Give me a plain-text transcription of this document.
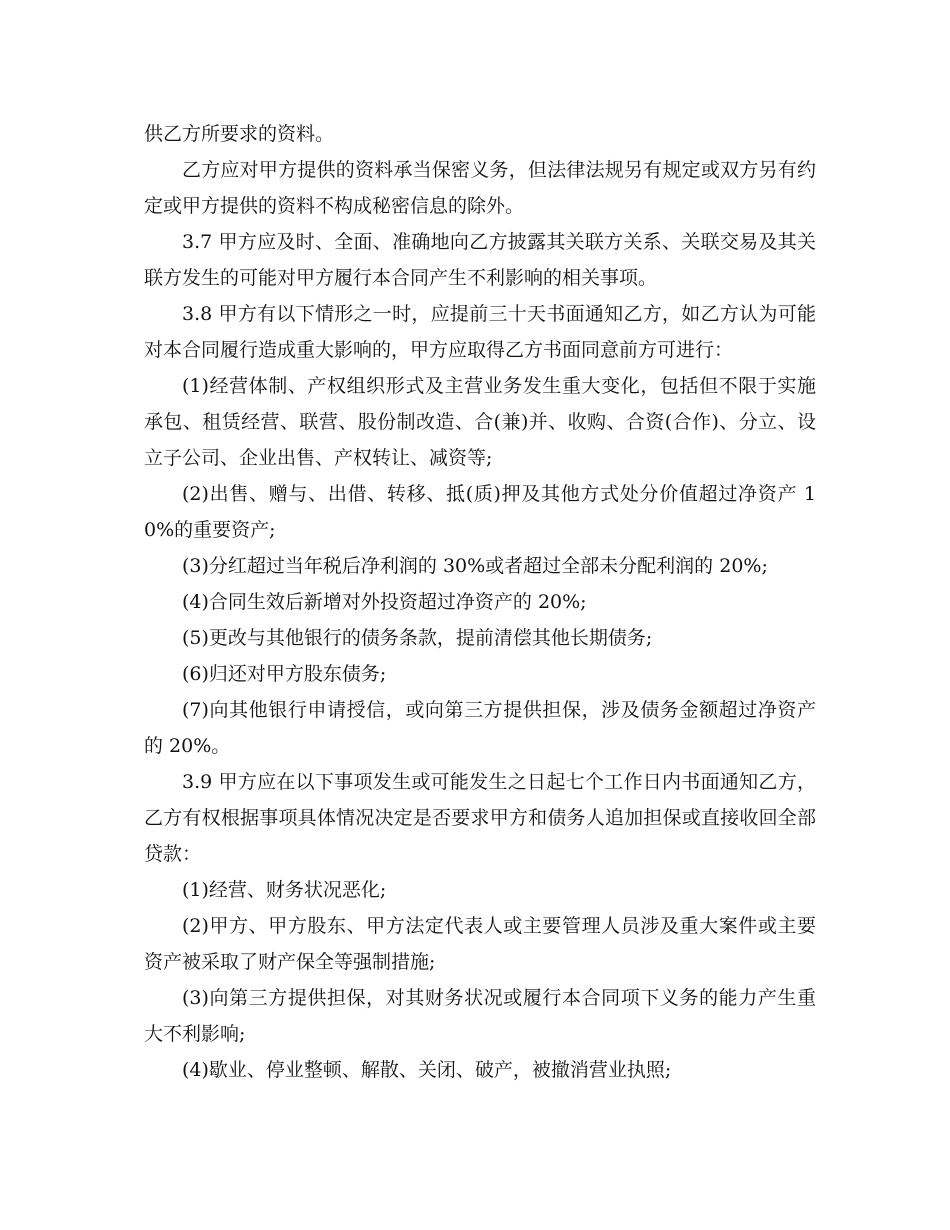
供乙方所要求的资料。

乙方应对甲方提供的资料承当保密义务，但法律法规另有规定或双方另有约定或甲方提供的资料不构成秘密信息的除外。

3.7 甲方应及时、全面、准确地向乙方披露其关联方关系、关联交易及其关联方发生的可能对甲方履行本合同产生不利影响的相关事项。

3.8 甲方有以下情形之一时，应提前三十天书面通知乙方，如乙方认为可能对本合同履行造成重大影响的，甲方应取得乙方书面同意前方可进行：

(1)经营体制、产权组织形式及主营业务发生重大变化，包括但不限于实施承包、租赁经营、联营、股份制改造、合(兼)并、收购、合资(合作)、分立、设立子公司、企业出售、产权转让、减资等;

(2)出售、赠与、出借、转移、抵(质)押及其他方式处分价值超过净资产 10%的重要资产;

(3)分红超过当年税后净利润的 30%或者超过全部未分配利润的 20%;

(4)合同生效后新增对外投资超过净资产的 20%;

(5)更改与其他银行的债务条款，提前清偿其他长期债务;

(6)归还对甲方股东债务;

(7)向其他银行申请授信，或向第三方提供担保，涉及债务金额超过净资产的 20%。

3.9 甲方应在以下事项发生或可能发生之日起七个工作日内书面通知乙方，乙方有权根据事项具体情况决定是否要求甲方和债务人追加担保或直接收回全部贷款：

(1)经营、财务状况恶化;

(2)甲方、甲方股东、甲方法定代表人或主要管理人员涉及重大案件或主要资产被采取了财产保全等强制措施;

(3)向第三方提供担保，对其财务状况或履行本合同项下义务的能力产生重大不利影响;

(4)歇业、停业整顿、解散、关闭、破产，被撤消营业执照;
